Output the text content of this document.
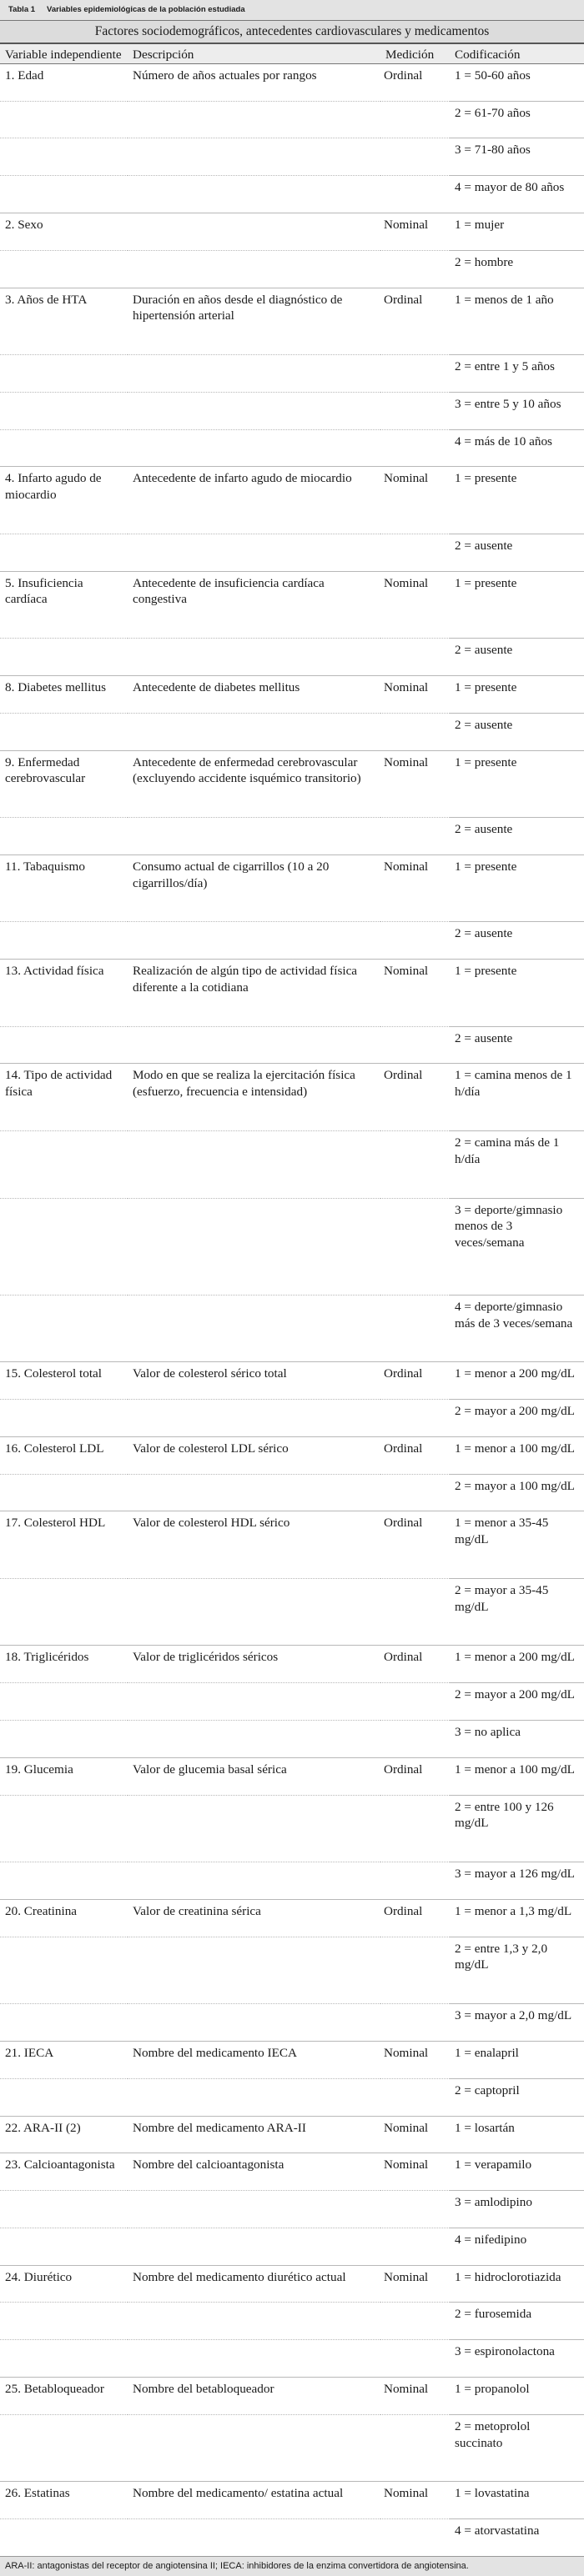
Tabla 1 Variables epidemiológicas de la población estudiada
Factores sociodemográficos, antecedentes cardiovasculares y medicamentos			
Variable independiente	Descripción	Medición	Codificación
1. Edad	Número de años actuales por rangos	Ordinal	1 = 50-60 años
			2 = 61-70 años
			3 = 71-80 años
			4 = mayor de 80 años
2. Sexo		Nominal	1 = mujer
			2 = hombre
3. Años de HTA	Duración en años desde el diagnóstico de hipertensión arterial	Ordinal	1 = menos de 1 año
			2 = entre 1 y 5 años
			3 = entre 5 y 10 años
			4 = más de 10 años
4. Infarto agudo de miocardio	Antecedente de infarto agudo de miocardio	Nominal	1 = presente
			2 = ausente
5. Insuficiencia cardíaca	Antecedente de insuficiencia cardíaca congestiva	Nominal	1 = presente
			2 = ausente
8. Diabetes mellitus	Antecedente de diabetes mellitus	Nominal	1 = presente
			2 = ausente
9. Enfermedad cerebrovascular	Antecedente de enfermedad cerebrovascular (excluyendo accidente isquémico transitorio)	Nominal	1 = presente
			2 = ausente
11. Tabaquismo	Consumo actual de cigarrillos (10 a 20 cigarrillos/día)	Nominal	1 = presente
			2 = ausente
13. Actividad física	Realización de algún tipo de actividad física diferente a la cotidiana	Nominal	1 = presente
			2 = ausente
14. Tipo de actividad física	Modo en que se realiza la ejercitación física (esfuerzo, frecuencia e intensidad)	Ordinal	1 = camina menos de 1 h/día
			2 = camina más de 1 h/día
			3 = deporte/gimnasio menos de 3 veces/semana
			4 = deporte/gimnasio más de 3 veces/semana
15. Colesterol total	Valor de colesterol sérico total	Ordinal	1 = menor a 200 mg/dL
			2 = mayor a 200 mg/dL
16. Colesterol LDL	Valor de colesterol LDL sérico	Ordinal	1 = menor a 100 mg/dL
			2 = mayor a 100 mg/dL
17. Colesterol HDL	Valor de colesterol HDL sérico	Ordinal	1 = menor a 35-45 mg/dL
			2 = mayor a 35-45 mg/dL
18. Triglicéridos	Valor de triglicéridos séricos	Ordinal	1 = menor a 200 mg/dL
			2 = mayor a 200 mg/dL
			3 = no aplica
19. Glucemia	Valor de glucemia basal sérica	Ordinal	1 = menor a 100 mg/dL
			2 = entre 100 y 126 mg/dL
			3 = mayor a 126 mg/dL
20. Creatinina	Valor de creatinina sérica	Ordinal	1 = menor a 1,3 mg/dL
			2 = entre 1,3 y 2,0 mg/dL
			3 = mayor a 2,0 mg/dL
21. IECA	Nombre del medicamento IECA	Nominal	1 = enalapril
			2 = captopril
22. ARA-II (2)	Nombre del medicamento ARA-II	Nominal	1 = losartán
23. Calcioantagonista	Nombre del calcioantagonista	Nominal	1 = verapamilo
			3 = amlodipino
			4 = nifedipino
24. Diurético	Nombre del medicamento diurético actual	Nominal	1 = hidroclorotiazida
			2 = furosemida
			3 = espironolactona
25. Betabloqueador	Nombre del betabloqueador	Nominal	1 = propanolol
			2 = metoprolol succinato
26. Estatinas	Nombre del medicamento/ estatina actual	Nominal	1 = lovastatina
			4 = atorvastatina
ARA-II: antagonistas del receptor de angiotensina II; IECA: inhibidores de la enzima convertidora de angiotensina.
